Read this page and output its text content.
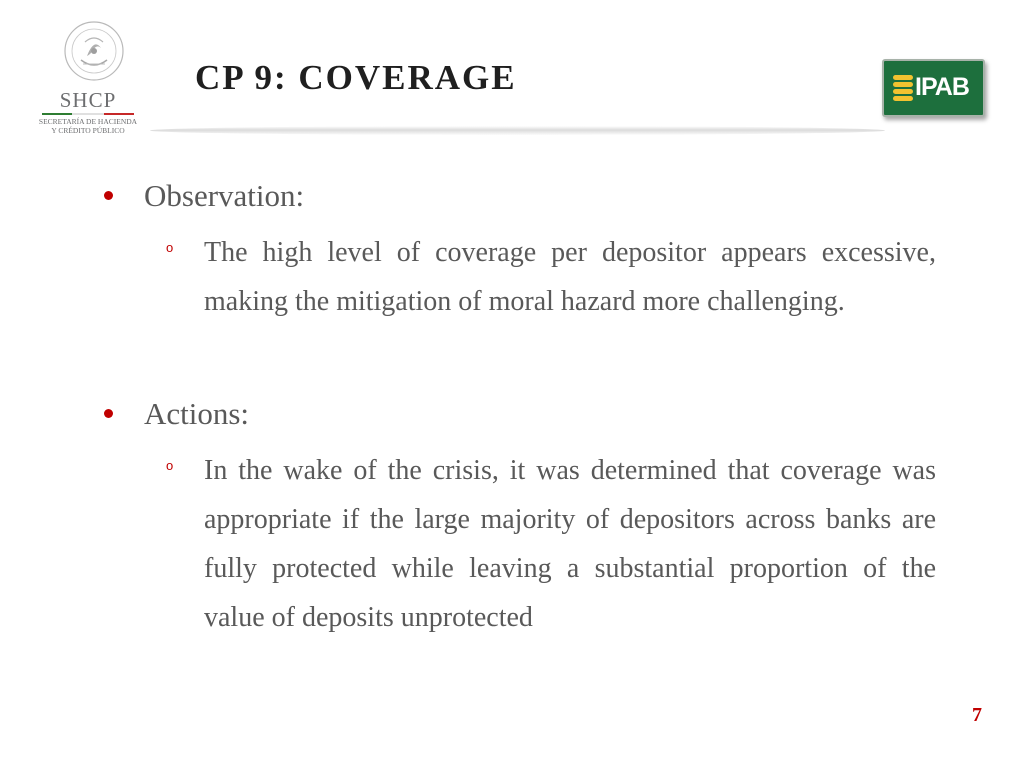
SHCP
SECRETARÍA DE HACIENDA
Y CRÉDITO PÚBLICO
CP 9: COVERAGE	IPAB
Observation:
o The high level of coverage per depositor appears excessive, making the mitigation of moral hazard more challenging.
Actions:
o In the wake of the crisis, it was determined that coverage was appropriate if the large majority of depositors across banks are fully protected while leaving a substantial proportion of the value of deposits unprotected
7
